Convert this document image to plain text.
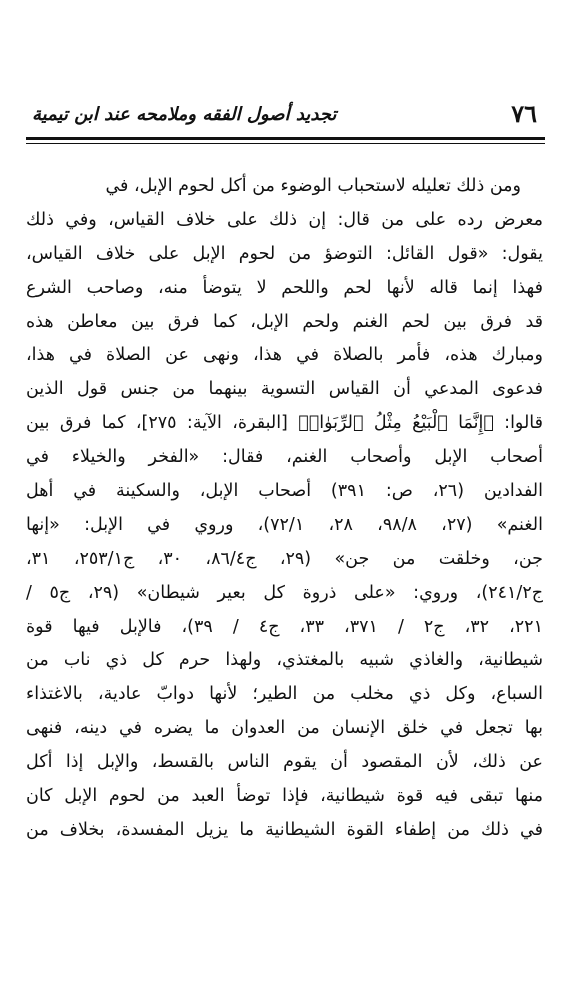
٧٦
تجديد أصول الفقه وملامحه عند ابن تيمية
ومن ذلك تعليله لاستحباب الوضوء من أكل لحوم الإبل، في
معرض رده على من قال: إن ذلك على خلاف القياس، وفي ذلك
يقول: «قول القائل: التوضؤ من لحوم الإبل على خلاف القياس،
فهذا إنما قاله لأنها لحم واللحم لا يتوضأ منه، وصاحب الشرع
قد فرق بين لحم الغنم ولحم الإبل، كما فرق بين معاطن هذه
ومبارك هذه، فأمر بالصلاة في هذا، ونهى عن الصلاة في هذا،
فدعوى المدعي أن القياس التسوية بينهما من جنس قول الذين
قالوا: ﴿إِنَّمَا ٱلْبَيْعُ مِثْلُ ٱلرِّبَوٰا۟﴾ [البقرة، الآية: ٢٧٥]، كما فرق بين
أصحاب الإبل وأصحاب الغنم، فقال: «الفخر والخيلاء في
الفدادين (٢٦، ص: ٣٩١) أصحاب الإبل، والسكينة في أهل
الغنم» (٢٧، ٩٨/٨، ٢٨، ٧٢/١)، وروي في الإبل: «إنها
جن، وخلقت من جن» (٢٩، ج٨٦/٤، ٣٠، ج٢٥٣/١، ٣١،
ج٢٤١/٢)، وروي: «على ذروة كل بعير شيطان» (٢٩، ج٥ /
٢٢١، ٣٢، ج٢ / ٣٧١، ٣٣، ج٤ / ٣٩)، فالإبل فيها قوة
شيطانية، والغاذي شبيه بالمغتذي، ولهذا حرم كل ذي ناب من
السباع، وكل ذي مخلب من الطير؛ لأنها دوابّ عادية، بالاغتذاء
بها تجعل في خلق الإنسان من العدوان ما يضره في دينه، فنهى
عن ذلك، لأن المقصود أن يقوم الناس بالقسط، والإبل إذا أكل
منها تبقى فيه قوة شيطانية، فإذا توضأ العبد من لحوم الإبل كان
في ذلك من إطفاء القوة الشيطانية ما يزيل المفسدة، بخلاف من
